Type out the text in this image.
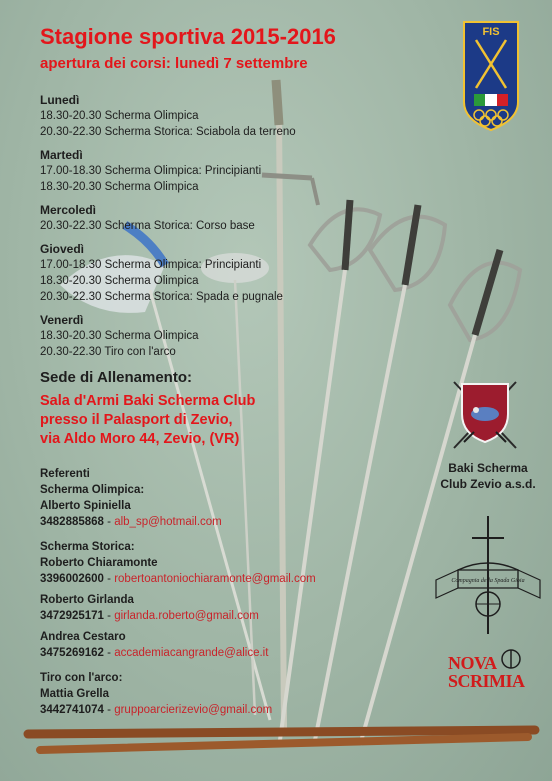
Stagione sportiva 2015-2016
apertura dei corsi: lunedì 7 settembre
Lunedì
18.30-20.30 Scherma Olimpica
20.30-22.30 Scherma Storica: Sciabola da terreno
Martedì
17.00-18.30 Scherma Olimpica: Principianti
18.30-20.30 Scherma Olimpica
Mercoledì
20.30-22.30 Scherma Storica: Corso base
Giovedì
17.00-18.30 Scherma Olimpica: Principianti
18.30-20.30 Scherma Olimpica
20.30-22.30 Scherma Storica: Spada e pugnale
Venerdì
18.30-20.30 Scherma Olimpica
20.30-22.30 Tiro con l'arco
Sede di Allenamento:
Sala d'Armi Baki Scherma Club
presso il Palasport di Zevio,
via Aldo Moro 44, Zevio, (VR)
Referenti
Scherma Olimpica:
Alberto Spiniella
3482885868 - alb_sp@hotmail.com
Scherma Storica:
Roberto Chiaramonte
3396002600 - robertoantoniochiaramonte@gmail.com
Roberto Girlanda
3472925171 - girlanda.roberto@gmail.com
Andrea Cestaro
3475269162 - accademiacangrande@alice.it
Tiro con l'arco:
Mattia Grella
3442741074 - gruppoarcierizevio@gmail.com
FIS
Baki Scherma
Club Zevio a.s.d.
Compagnia della Spada Gioia
NOVA
SCRIMIA
